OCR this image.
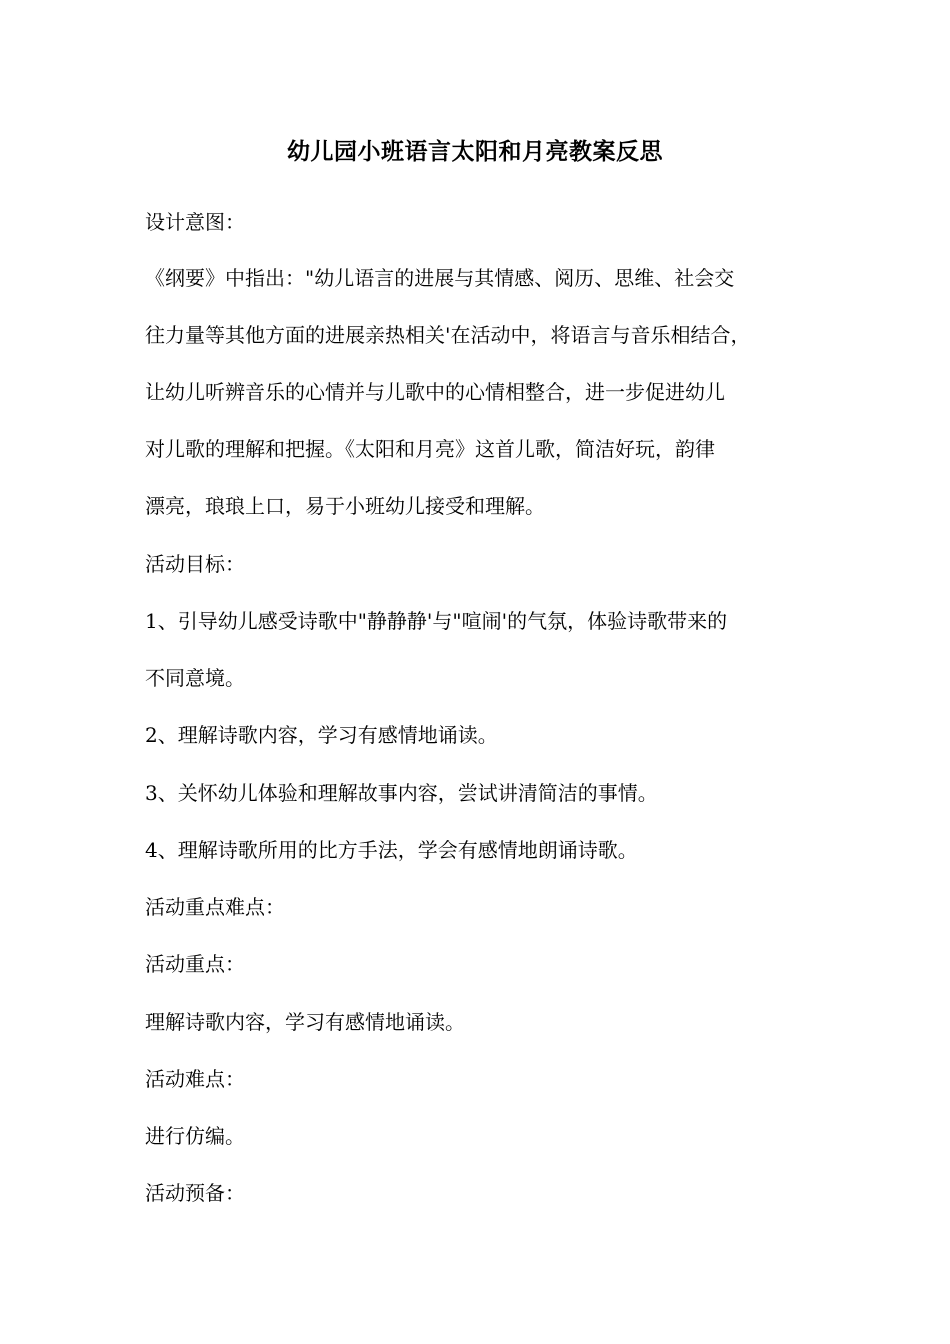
幼儿园小班语言太阳和月亮教案反思

设计意图：

《纲要》中指出："幼儿语言的进展与其情感、阅历、思维、社会交

往力量等其他方面的进展亲热相关'在活动中，将语言与音乐相结合，

让幼儿听辨音乐的心情并与儿歌中的心情相整合，进一步促进幼儿

对儿歌的理解和把握。《太阳和月亮》这首儿歌，简洁好玩，韵律

漂亮，琅琅上口，易于小班幼儿接受和理解。

活动目标：

1、引导幼儿感受诗歌中"静静静'与"喧闹'的气氛，体验诗歌带来的

不同意境。

2、理解诗歌内容，学习有感情地诵读。

3、关怀幼儿体验和理解故事内容，尝试讲清简洁的事情。

4、理解诗歌所用的比方手法，学会有感情地朗诵诗歌。

活动重点难点：

活动重点：

理解诗歌内容，学习有感情地诵读。

活动难点：

进行仿编。

活动预备：
